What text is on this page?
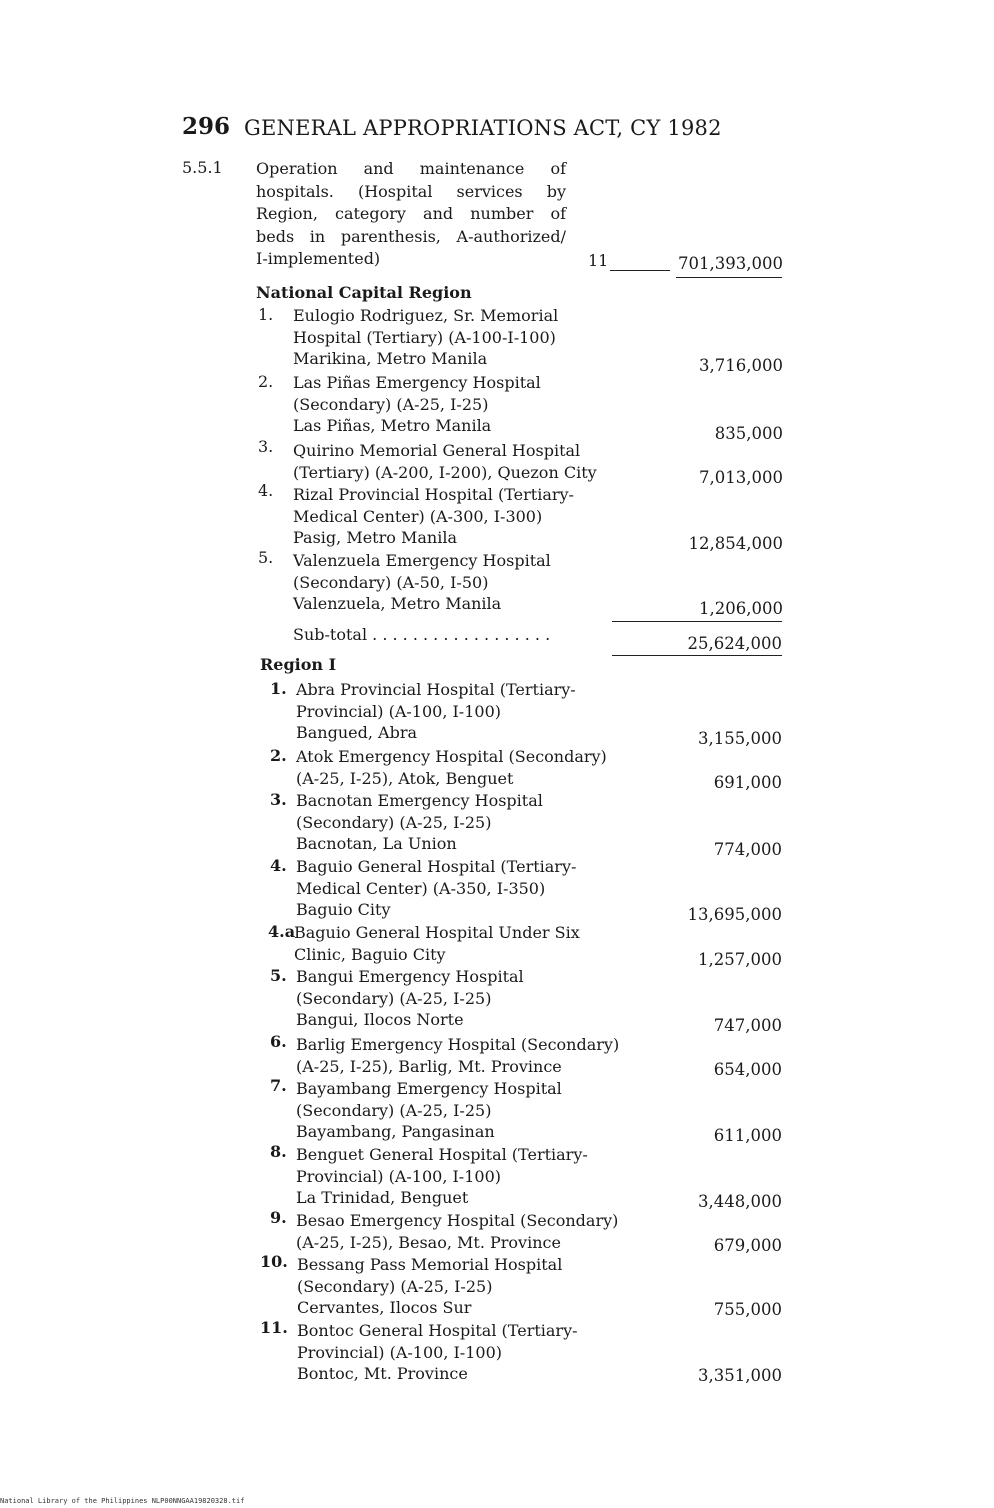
296 GENERAL APPROPRIATIONS ACT, CY 1982
5.5.1 Operation and maintenance of
hospitals. (Hospital services by
Region, category and number of
beds in parenthesis, A-authorized/
I-implemented)	11	701,393,000
National Capital Region
1. Eulogio Rodriguez, Sr. Memorial
Hospital (Tertiary) (A-100-I-100)
Marikina, Metro Manila	3,716,000
2. Las Piñas Emergency Hospital
(Secondary) (A-25, I-25)
Las Piñas, Metro Manila	835,000
3. Quirino Memorial General Hospital
(Tertiary) (A-200, I-200), Quezon City	7,013,000
4. Rizal Provincial Hospital (Tertiary-
Medical Center) (A-300, I-300)
Pasig, Metro Manila	12,854,000
5. Valenzuela Emergency Hospital
(Secondary) (A-50, I-50)
Valenzuela, Metro Manila	1,206,000
Sub-total . . . . . . . . . . . . . . . . . .	25,624,000
Region I
1. Abra Provincial Hospital (Tertiary-
Provincial) (A-100, I-100)
Bangued, Abra	3,155,000
2. Atok Emergency Hospital (Secondary)
(A-25, I-25), Atok, Benguet	691,000
3. Bacnotan Emergency Hospital
(Secondary) (A-25, I-25)
Bacnotan, La Union	774,000
4. Baguio General Hospital (Tertiary-
Medical Center) (A-350, I-350)
Baguio City	13,695,000
4.a
Baguio General Hospital Under Six
Clinic, Baguio City	1,257,000
5. Bangui Emergency Hospital
(Secondary) (A-25, I-25)
Bangui, Ilocos Norte	747,000
6. Barlig Emergency Hospital (Secondary)
(A-25, I-25), Barlig, Mt. Province	654,000
7. Bayambang Emergency Hospital
(Secondary) (A-25, I-25)
Bayambang, Pangasinan	611,000
8. Benguet General Hospital (Tertiary-
Provincial) (A-100, I-100)
La Trinidad, Benguet	3,448,000
9. Besao Emergency Hospital (Secondary)
(A-25, I-25), Besao, Mt. Province	679,000
10. Bessang Pass Memorial Hospital
(Secondary) (A-25, I-25)
Cervantes, Ilocos Sur	755,000
11. Bontoc General Hospital (Tertiary-
Provincial) (A-100, I-100)
Bontoc, Mt. Province	3,351,000
National Library of the Philippines NLP00NNGAA19820328.tif
